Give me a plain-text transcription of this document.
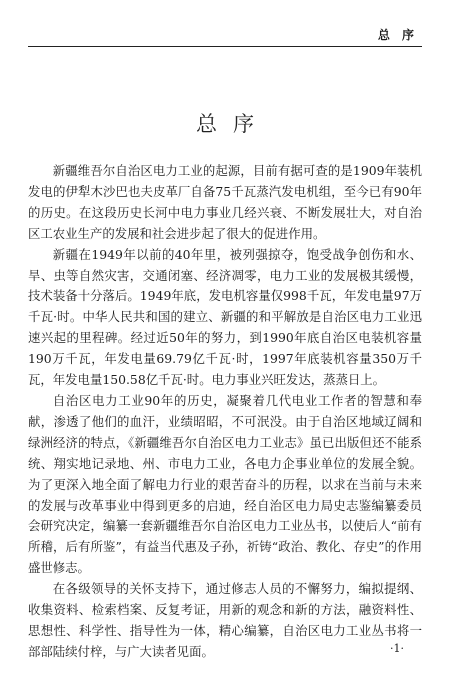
总 序
总序

新疆维吾尔自治区电力工业的起源，目前有据可查的是1909年装机发电的伊犁木沙巴也夫皮革厂自备75千瓦蒸汽发电机组，至今已有90年的历史。在这段历史长河中电力事业几经兴衰、不断发展壮大，对自治区工农业生产的发展和社会进步起了很大的促进作用。

新疆在1949年以前的40年里，被列强掠夺，饱受战争创伤和水、旱、虫等自然灾害，交通闭塞、经济凋零，电力工业的发展极其缓慢，技术装备十分落后。1949年底，发电机容量仅998千瓦，年发电量97万千瓦·时。中华人民共和国的建立、新疆的和平解放是自治区电力工业迅速兴起的里程碑。经过近50年的努力，到1990年底自治区电装机容量190万千瓦，年发电量69.79亿千瓦·时，1997年底装机容量350万千瓦，年发电量150.58亿千瓦·时。电力事业兴旺发达，蒸蒸日上。

自治区电力工业90年的历史，凝聚着几代电业工作者的智慧和奉献，渗透了他们的血汗，业绩昭昭，不可泯没。由于自治区地域辽阔和绿洲经济的特点，《新疆维吾尔自治区电力工业志》虽已出版但还不能系统、翔实地记录地、州、市电力工业，各电力企事业单位的发展全貌。为了更深入地全面了解电力行业的艰苦奋斗的历程，以求在当前与未来的发展与改革事业中得到更多的启迪，经自治区电力局史志鉴编纂委员会研究决定，编纂一套新疆维吾尔自治区电力工业丛书，以使后人“前有所稽，后有所鉴”，有益当代惠及子孙，祈铸“政治、教化、存史”的作用盛世修志。

在各级领导的关怀支持下，通过修志人员的不懈努力，编拟提纲、收集资料、检索档案、反复考证，用新的观念和新的方法，融资料性、思想性、科学性、指导性为一体，精心编纂，自治区电力工业丛书将一部部陆续付梓，与广大读者见面。	·1·
